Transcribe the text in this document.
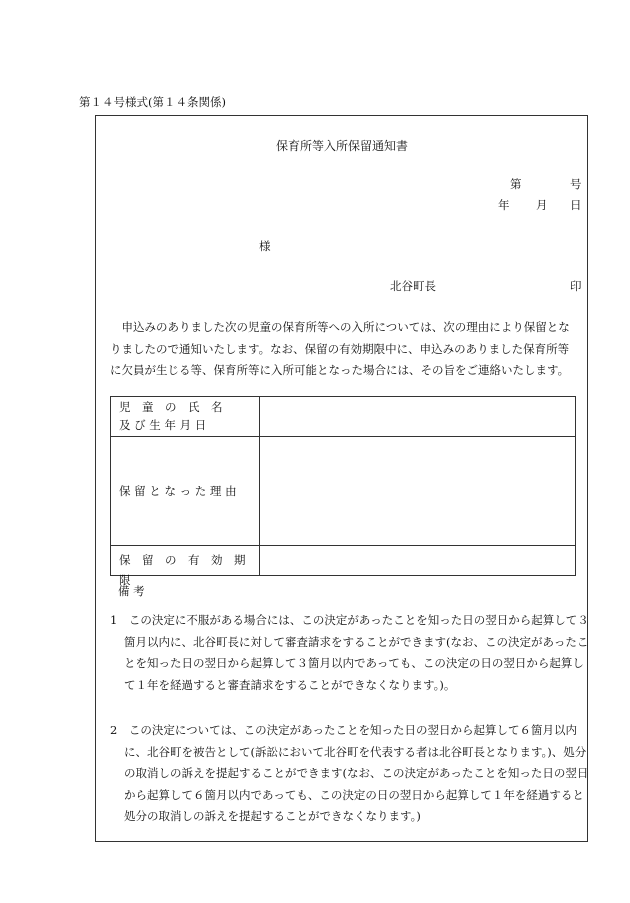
第１４号様式(第１４条関係)
保育所等入所保留通知書
第	号
年 月 日
様
北谷町長	印
申込みのありました次の児童の保育所等への入所については、次の理由により保留となりましたので通知いたします。なお、保留の有効期限中に、申込みのありました保育所等に欠員が生じる等、保育所等に入所可能となった場合には、その旨をご連絡いたします。
児　童　の　氏　名
及 び 生 年 月 日
保 留 と な っ た 理 由
保　留　の　有　効　期　限
備 考
1　この決定に不服がある場合には、この決定があったことを知った日の翌日から起算して３箇月以内に、北谷町長に対して審査請求をすることができます(なお、この決定があったことを知った日の翌日から起算して３箇月以内であっても、この決定の日の翌日から起算して１年を経過すると審査請求をすることができなくなります。)。
2　この決定については、この決定があったことを知った日の翌日から起算して６箇月以内に、北谷町を被告として(訴訟において北谷町を代表する者は北谷町長となります。)、処分の取消しの訴えを提起することができます(なお、この決定があったことを知った日の翌日から起算して６箇月以内であっても、この決定の日の翌日から起算して１年を経過すると処分の取消しの訴えを提起することができなくなります。)
